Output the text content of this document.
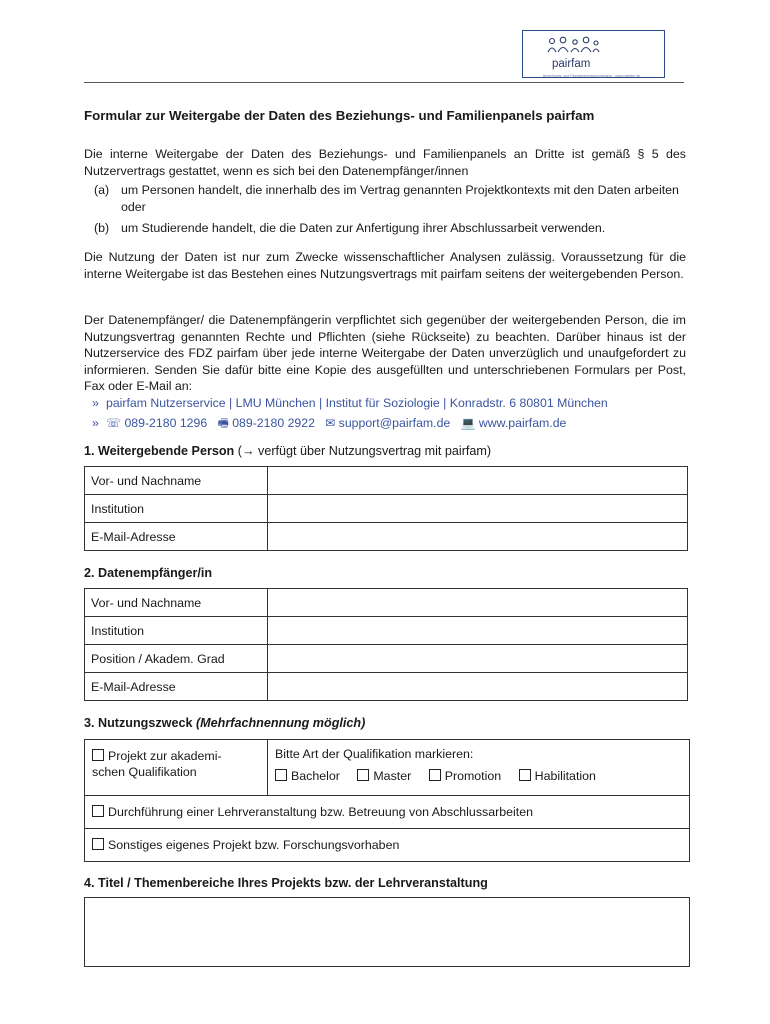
pairfam
Beziehungs- und Familienentwicklungspanel - www.pairfam.de
Formular zur Weitergabe der Daten des Beziehungs- und Familienpanels pairfam
Die interne Weitergabe der Daten des Beziehungs- und Familienpanels an Dritte ist gemäß § 5 des Nutzervertrags gestattet, wenn es sich bei den Datenempfänger/innen
(a) um Personen handelt, die innerhalb des im Vertrag genannten Projektkontexts mit den Daten arbeiten oder
(b) um Studierende handelt, die die Daten zur Anfertigung ihrer Abschlussarbeit verwenden.
Die Nutzung der Daten ist nur zum Zwecke wissenschaftlicher Analysen zulässig. Voraussetzung für die interne Weitergabe ist das Bestehen eines Nutzungsvertrags mit pairfam seitens der weitergebenden Person.
Der Datenempfänger/ die Datenempfängerin verpflichtet sich gegenüber der weitergebenden Person, die im Nutzungsvertrag genannten Rechte und Pflichten (siehe Rückseite) zu beachten. Darüber hinaus ist der Nutzerservice des FDZ pairfam über jede interne Weitergabe der Daten unverzüglich und unaufgefordert zu informieren. Senden Sie dafür bitte eine Kopie des ausgefüllten und unterschriebenen Formulars per Post, Fax oder E-Mail an:
» pairfam Nutzerservice | LMU München | Institut für Soziologie | Konradstr. 6 80801 München
» ☏ 089-2180 1296 🖷 089-2180 2922 ✉ support@pairfam.de 💻 www.pairfam.de
1. Weitergebende Person (→ verfügt über Nutzungsvertrag mit pairfam)
Vor- und Nachname	
Institution	
E-Mail-Adresse	
2. Datenempfänger/in
Vor- und Nachname	
Institution	
Position / Akadem. Grad	
E-Mail-Adresse	
3. Nutzungszweck (Mehrfachnennung möglich)
Projekt zur akademi-
schen Qualifikation
Bitte Art der Qualifikation markieren:
Bachelor	Master	Promotion	Habilitation
Durchführung einer Lehrveranstaltung bzw. Betreuung von Abschlussarbeiten
Sonstiges eigenes Projekt bzw. Forschungsvorhaben
4. Titel / Themenbereiche Ihres Projekts bzw. der Lehrveranstaltung
